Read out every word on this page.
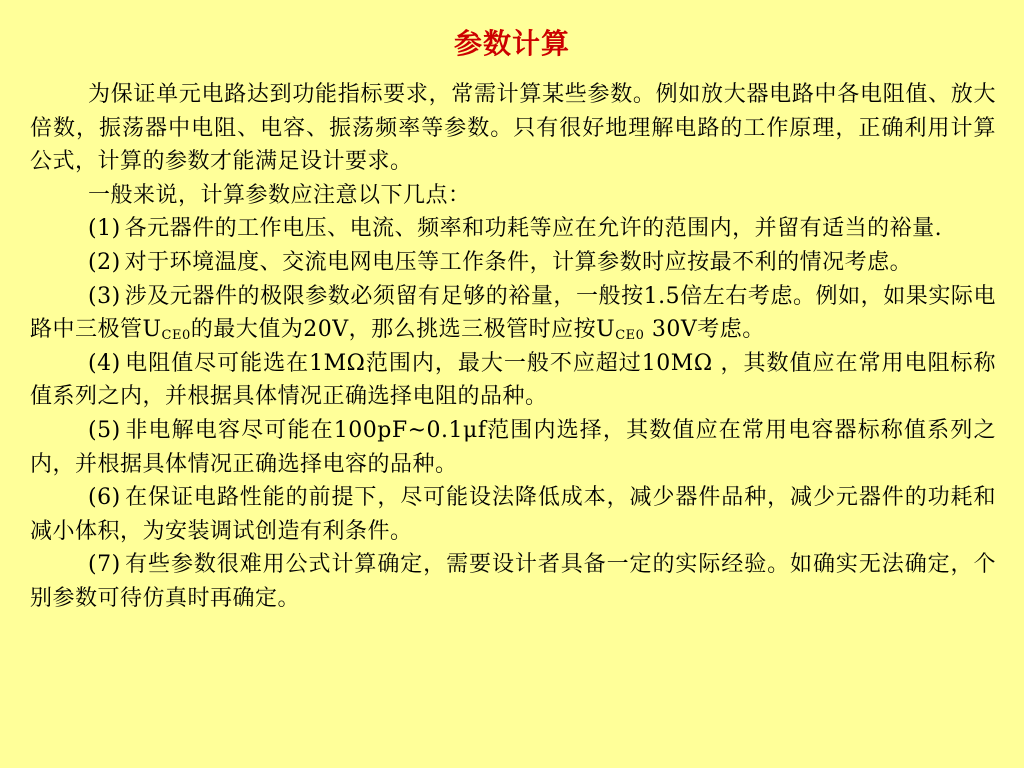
参数计算

为保证单元电路达到功能指标要求，常需计算某些参数。例如放大器电路中各电阻值、放大倍数，振荡器中电阻、电容、振荡频率等参数。只有很好地理解电路的工作原理，正确利用计算公式，计算的参数才能满足设计要求。

一般来说，计算参数应注意以下几点：

(1) 各元器件的工作电压、电流、频率和功耗等应在允许的范围内，并留有适当的裕量.

(2) 对于环境温度、交流电网电压等工作条件，计算参数时应按最不利的情况考虑。

(3) 涉及元器件的极限参数必须留有足够的裕量，一般按1.5倍左右考虑。例如，如果实际电路中三极管$U_{CE0}$的最大值为20V，那么挑选三极管时应按$U_{CE0}$ 30V考虑。

(4) 电阻值尽可能选在1MΩ范围内，最大一般不应超过10MΩ ，其数值应在常用电阻标称值系列之内，并根据具体情况正确选择电阻的品种。

(5) 非电解电容尽可能在100pF~0.1μf范围内选择，其数值应在常用电容器标称值系列之内，并根据具体情况正确选择电容的品种。

(6) 在保证电路性能的前提下，尽可能设法降低成本，减少器件品种，减少元器件的功耗和减小体积，为安装调试创造有利条件。

(7) 有些参数很难用公式计算确定，需要设计者具备一定的实际经验。如确实无法确定，个别参数可待仿真时再确定。
